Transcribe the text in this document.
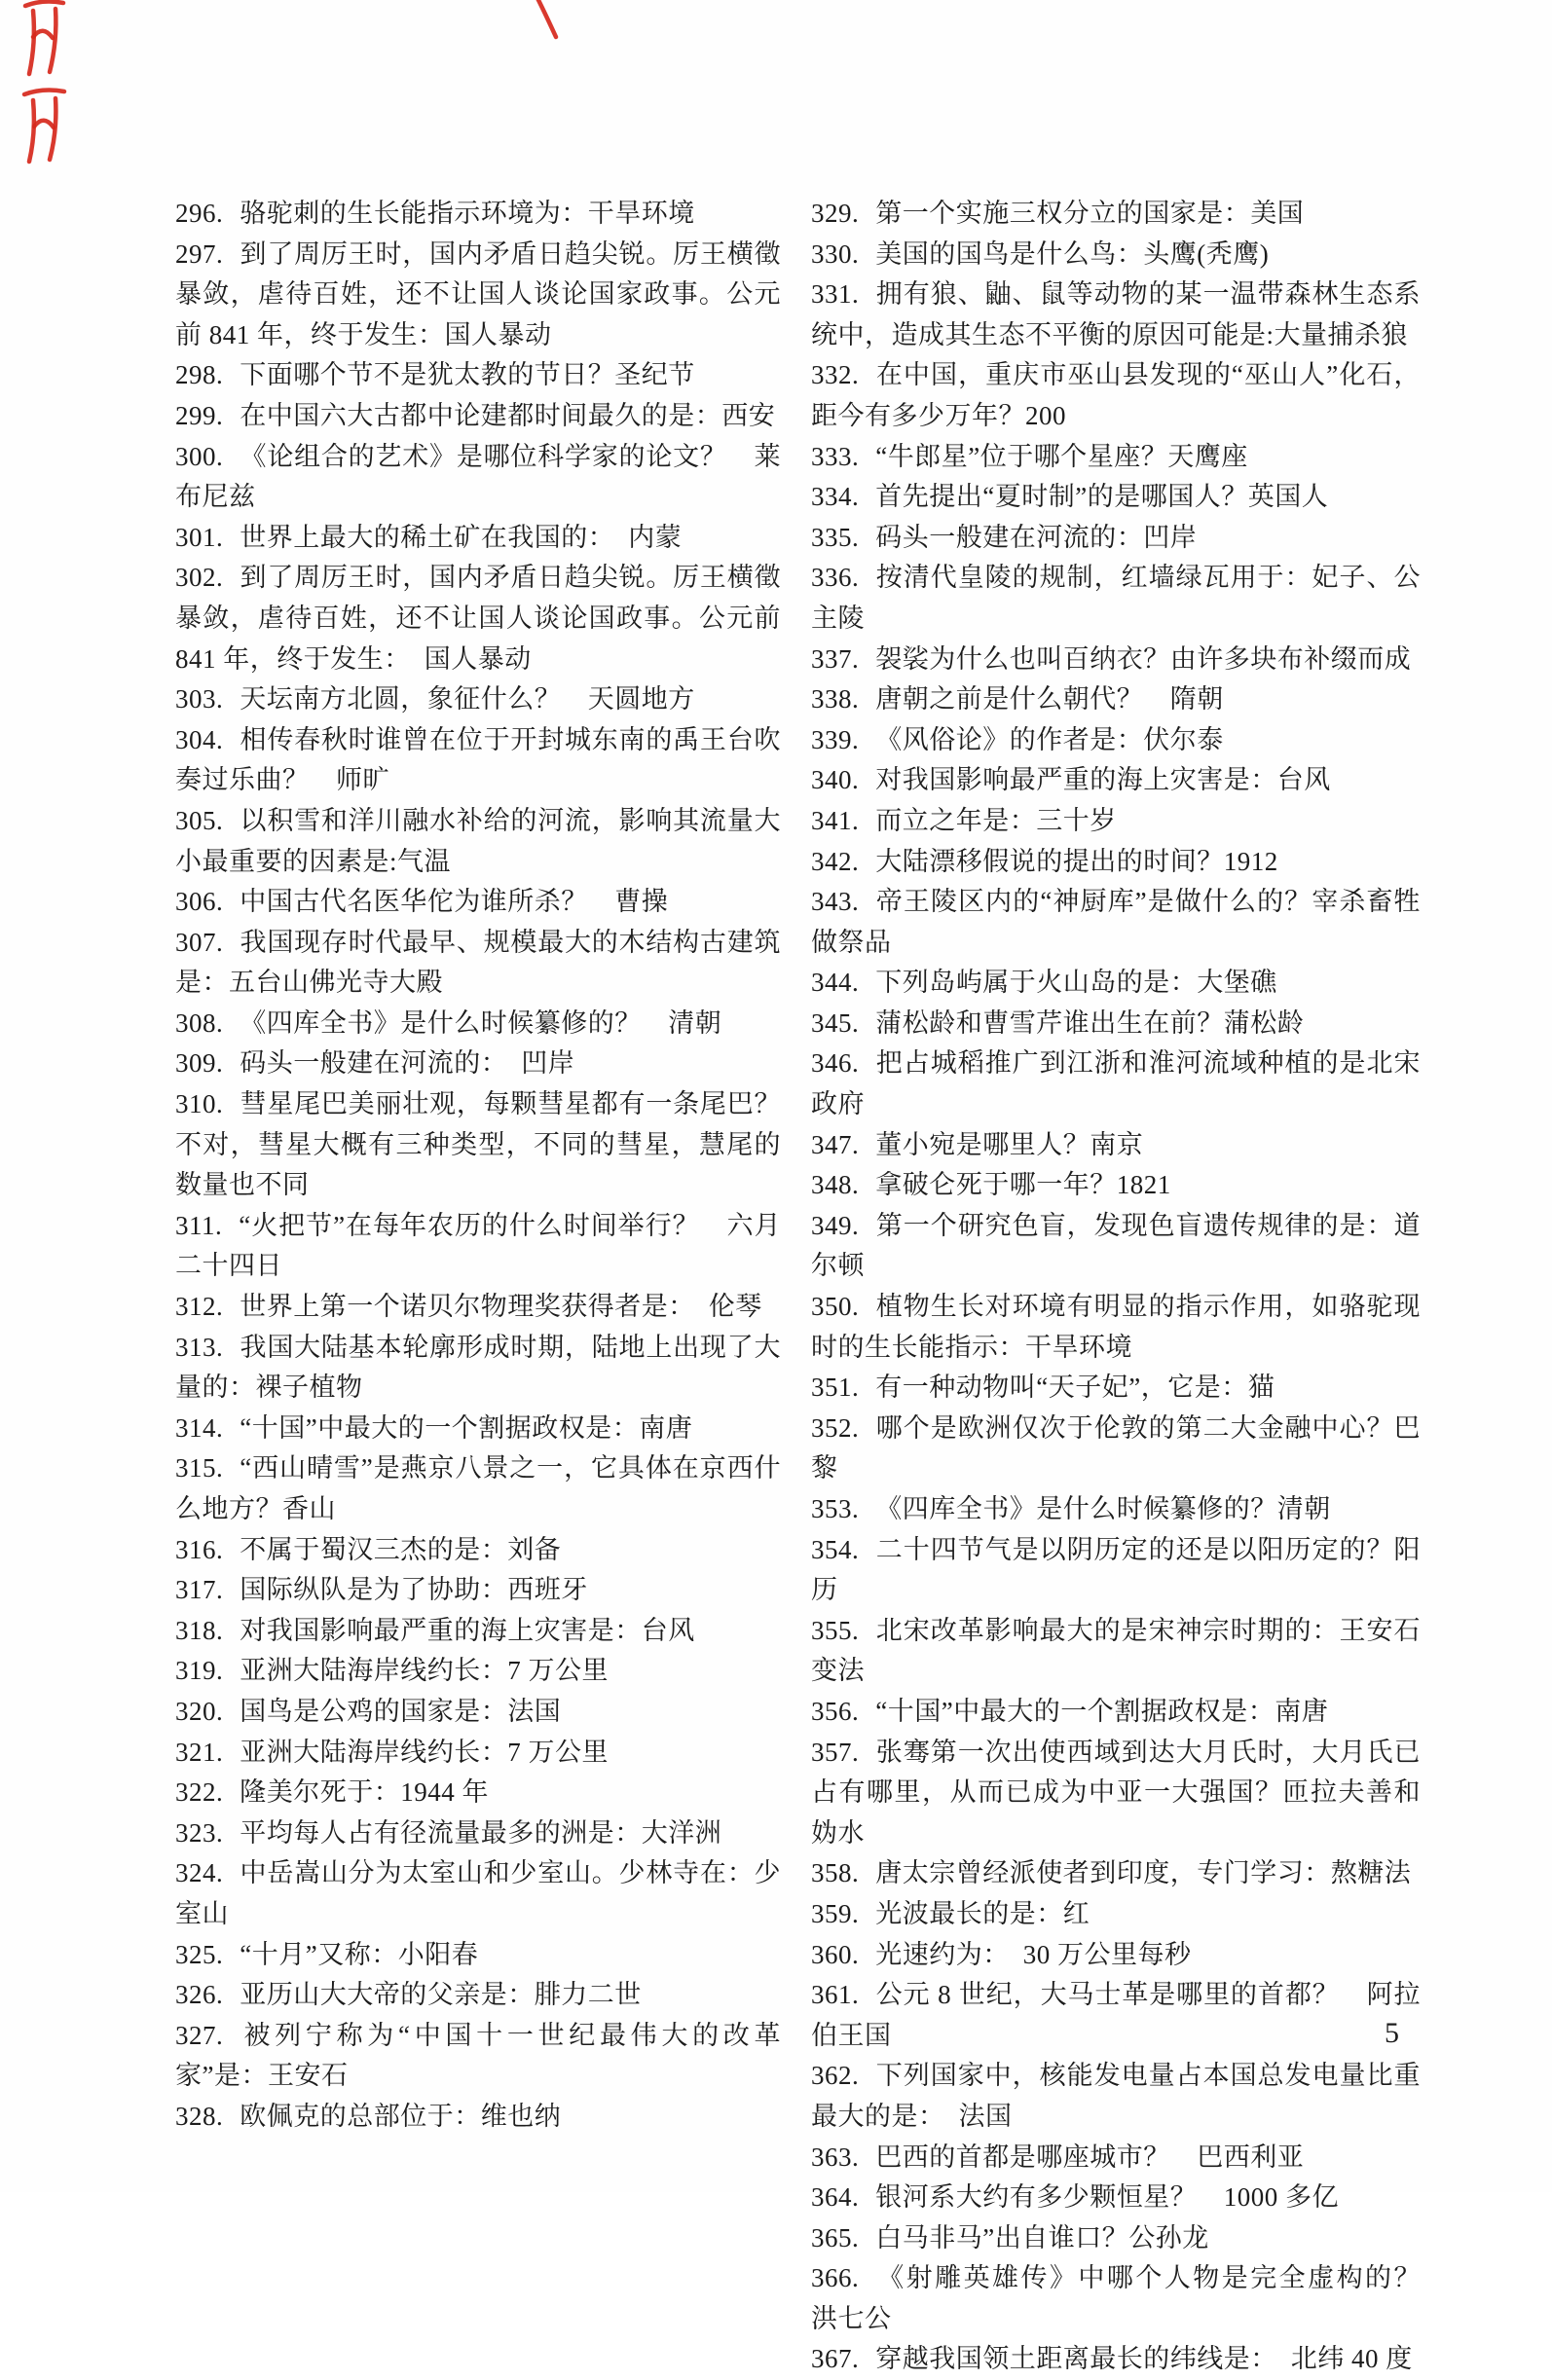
296. 骆驼刺的生长能指示环境为：干旱环境

297. 到了周厉王时，国内矛盾日趋尖锐。厉王横徵暴敛，虐待百姓，还不让国人谈论国家政事。公元前 841 年，终于发生：国人暴动

298. 下面哪个节不是犹太教的节日？圣纪节

299. 在中国六大古都中论建都时间最久的是：西安

300. 《论组合的艺术》是哪位科学家的论文？　莱布尼兹

301. 世界上最大的稀土矿在我国的：　内蒙

302. 到了周厉王时，国内矛盾日趋尖锐。厉王横徵暴敛，虐待百姓，还不让国人谈论国政事。公元前 841 年，终于发生：　国人暴动

303. 天坛南方北圆，象征什么？　天圆地方

304. 相传春秋时谁曾在位于开封城东南的禹王台吹奏过乐曲？　师旷

305. 以积雪和洋川融水补给的河流，影响其流量大小最重要的因素是:气温

306. 中国古代名医华佗为谁所杀？　曹操

307. 我国现存时代最早、规模最大的木结构古建筑是：五台山佛光寺大殿

308. 《四库全书》是什么时候纂修的？　清朝

309. 码头一般建在河流的：　凹岸

310. 彗星尾巴美丽壮观，每颗彗星都有一条尾巴？不对，彗星大概有三种类型，不同的彗星，慧尾的数量也不同

311. “火把节”在每年农历的什么时间举行？　六月二十四日

312. 世界上第一个诺贝尔物理奖获得者是：　伦琴

313. 我国大陆基本轮廓形成时期，陆地上出现了大量的：裸子植物

314. “十国”中最大的一个割据政权是：南唐

315. “西山晴雪”是燕京八景之一，它具体在京西什么地方？香山

316. 不属于蜀汉三杰的是：刘备

317. 国际纵队是为了协助：西班牙

318. 对我国影响最严重的海上灾害是：台风

319. 亚洲大陆海岸线约长：7 万公里

320. 国鸟是公鸡的国家是：法国

321. 亚洲大陆海岸线约长：7 万公里

322. 隆美尔死于：1944 年

323. 平均每人占有径流量最多的洲是：大洋洲

324. 中岳嵩山分为太室山和少室山。少林寺在：少室山

325. “十月”又称：小阳春

326. 亚历山大大帝的父亲是：腓力二世

327. 被列宁称为“中国十一世纪最伟大的改革家”是：王安石

328. 欧佩克的总部位于：维也纳

329. 第一个实施三权分立的国家是：美国

330. 美国的国鸟是什么鸟：头鹰(秃鹰)

331. 拥有狼、鼬、鼠等动物的某一温带森林生态系统中，造成其生态不平衡的原因可能是:大量捕杀狼

332. 在中国，重庆市巫山县发现的“巫山人”化石，距今有多少万年？200

333. “牛郎星”位于哪个星座？天鹰座

334. 首先提出“夏时制”的是哪国人？英国人

335. 码头一般建在河流的：凹岸

336. 按清代皇陵的规制，红墙绿瓦用于：妃子、公主陵

337. 袈裟为什么也叫百纳衣？由许多块布补缀而成

338. 唐朝之前是什么朝代？　隋朝

339. 《风俗论》的作者是：伏尔泰

340. 对我国影响最严重的海上灾害是：台风

341. 而立之年是：三十岁

342. 大陆漂移假说的提出的时间？1912

343. 帝王陵区内的“神厨库”是做什么的？宰杀畜牲做祭品

344. 下列岛屿属于火山岛的是：大堡礁

345. 蒲松龄和曹雪芹谁出生在前？蒲松龄

346. 把占城稻推广到江浙和淮河流域种植的是北宋政府

347. 董小宛是哪里人？南京

348. 拿破仑死于哪一年？1821

349. 第一个研究色盲，发现色盲遗传规律的是：道尔顿

350. 植物生长对环境有明显的指示作用，如骆驼现时的生长能指示：干旱环境

351. 有一种动物叫“天子妃”，它是：猫

352. 哪个是欧洲仅次于伦敦的第二大金融中心？巴黎

353. 《四库全书》是什么时候纂修的？清朝

354. 二十四节气是以阴历定的还是以阳历定的？阳历

355. 北宋改革影响最大的是宋神宗时期的：王安石变法

356. “十国”中最大的一个割据政权是：南唐

357. 张骞第一次出使西域到达大月氏时，大月氏已占有哪里，从而已成为中亚一大强国？匝拉夫善和妫水

358. 唐太宗曾经派使者到印度，专门学习：熬糖法

359. 光波最长的是：红

360. 光速约为：　30 万公里每秒

361. 公元 8 世纪，大马士革是哪里的首都？　阿拉伯王国

362. 下列国家中，核能发电量占本国总发电量比重最大的是：　法国

363. 巴西的首都是哪座城市？　巴西利亚

364. 银河系大约有多少颗恒星？　1000 多亿

365. 白马非马”出自谁口？公孙龙

366. 《射雕英雄传》中哪个人物是完全虚构的？　洪七公

367. 穿越我国领土距离最长的纬线是：　北纬 40 度

5
